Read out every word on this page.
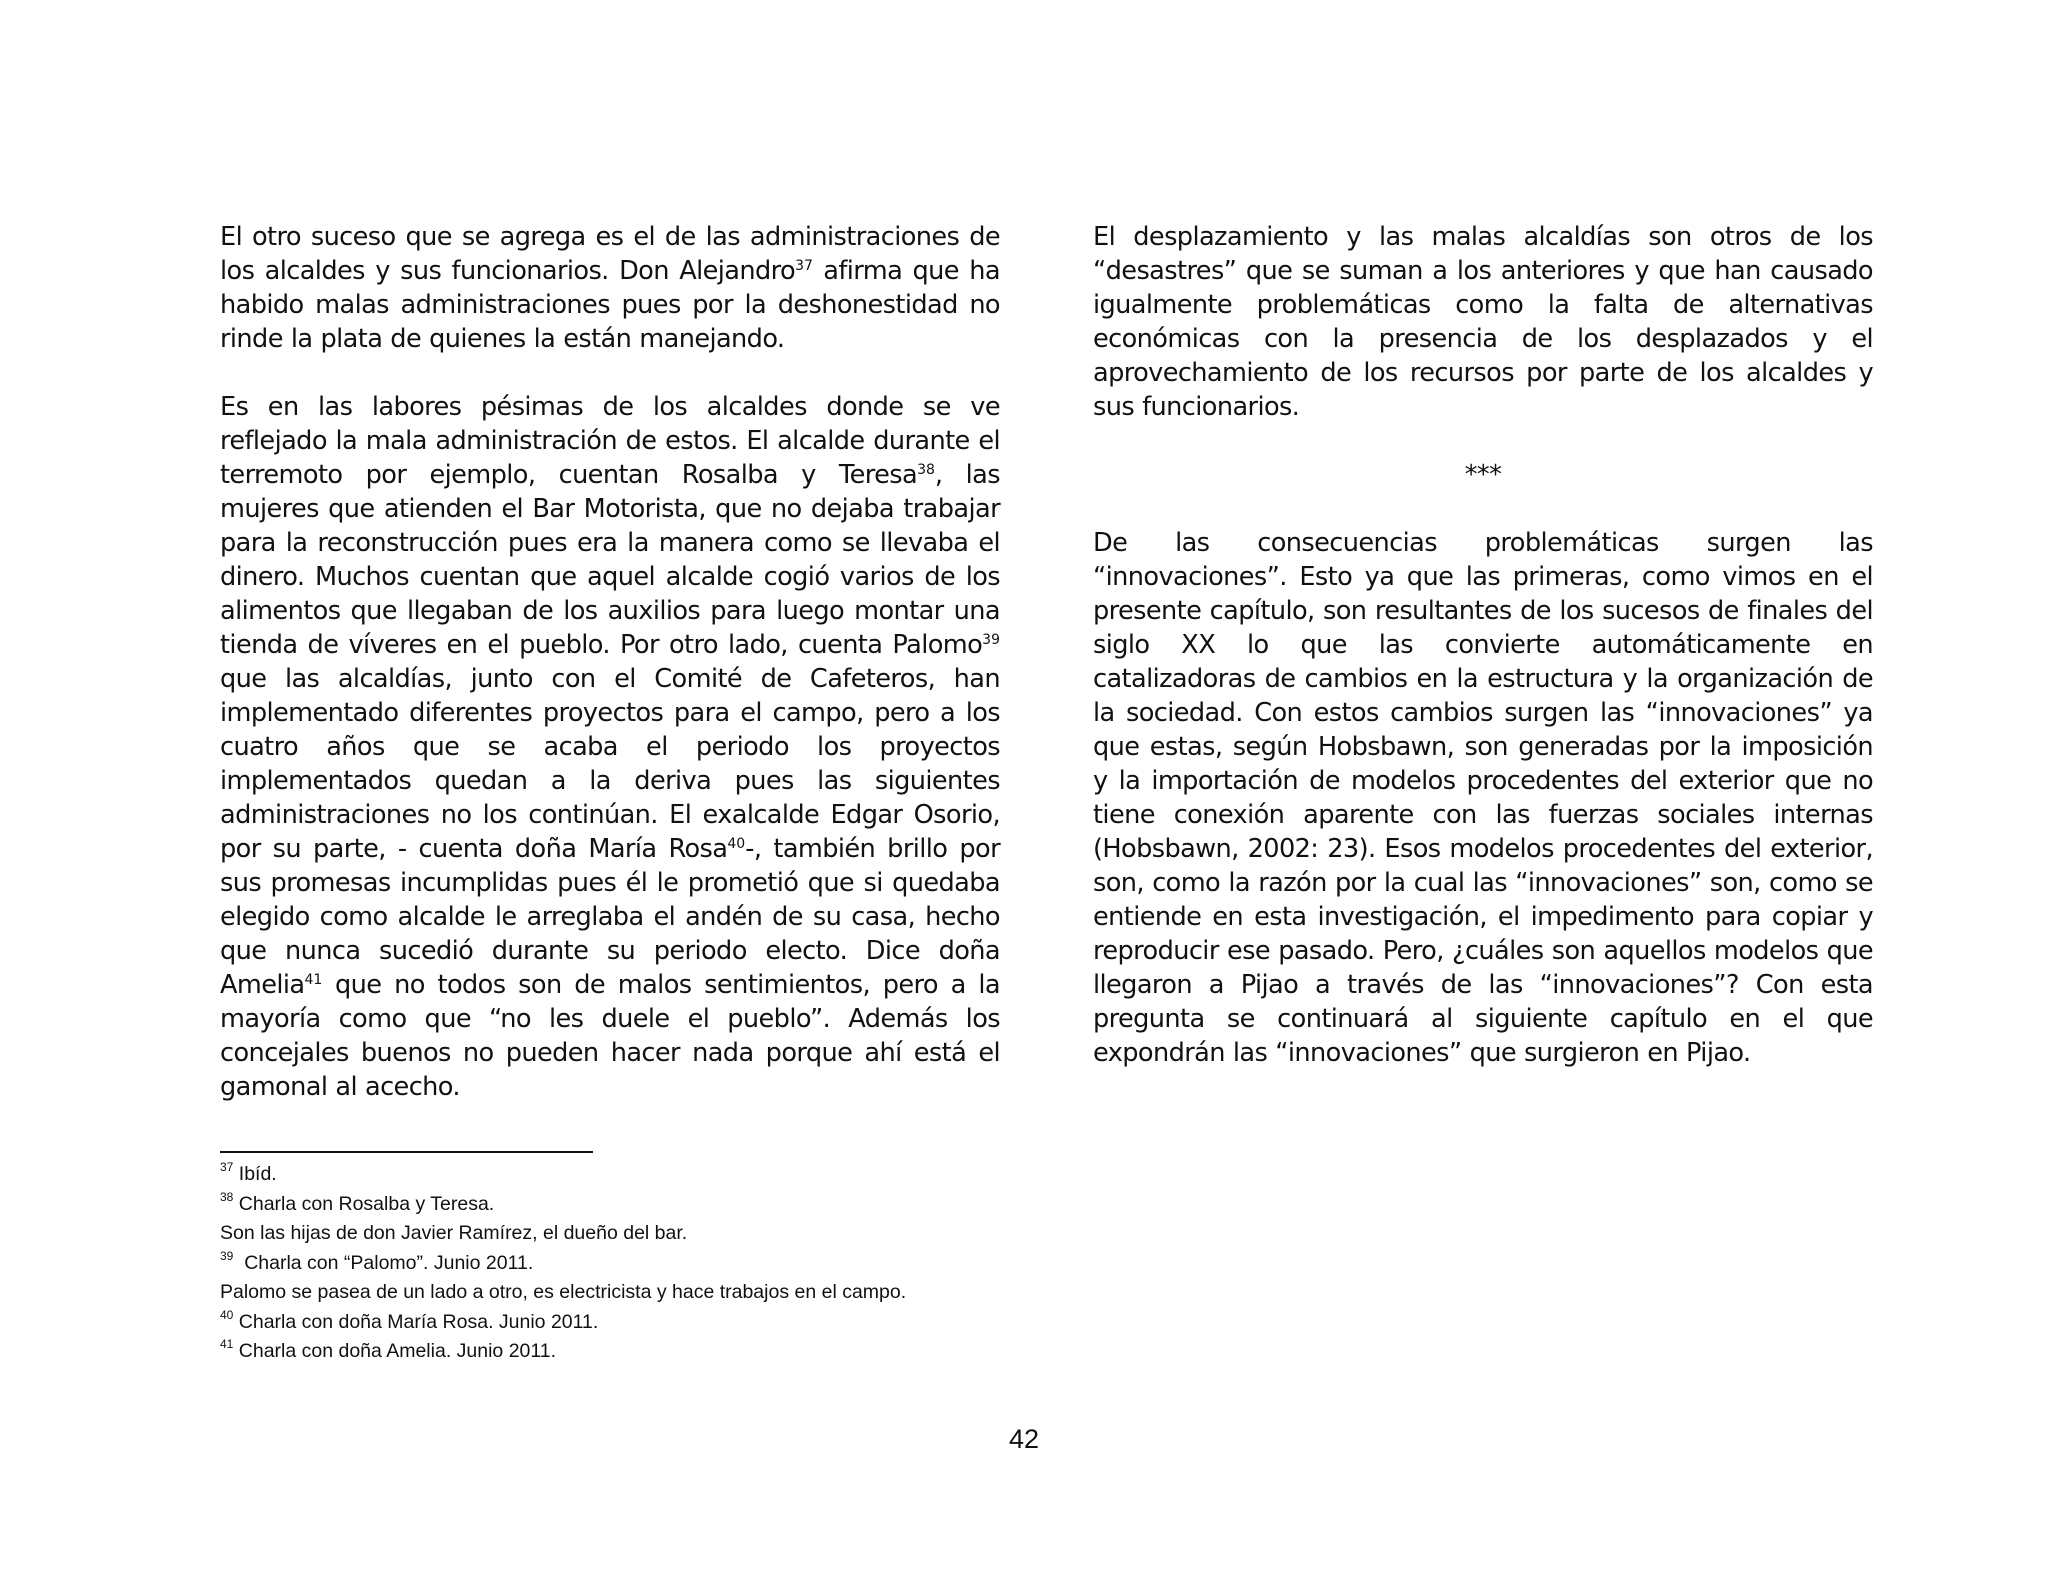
El otro suceso que se agrega es el de las administraciones de los alcaldes y sus funcionarios. Don Alejandro$^{37}$ afirma que ha habido malas administraciones pues por la deshonestidad no rinde la plata de quienes la están manejando.

Es en las labores pésimas de los alcaldes donde se ve reflejado la mala administración de estos. El alcalde durante el terremoto por ejemplo, cuentan Rosalba y Teresa$^{38}$, las mujeres que atienden el Bar Motorista, que no dejaba trabajar para la reconstrucción pues era la manera como se llevaba el dinero. Muchos cuentan que aquel alcalde cogió varios de los alimentos que llegaban de los auxilios para luego montar una tienda de víveres en el pueblo. Por otro lado, cuenta Palomo$^{39}$ que las alcaldías, junto con el Comité de Cafeteros, han implementado diferentes proyectos para el campo, pero a los cuatro años que se acaba el periodo los proyectos implementados quedan a la deriva pues las siguientes administraciones no los continúan. El exalcalde Edgar Osorio, por su parte, - cuenta doña María Rosa$^{40}$-, también brillo por sus promesas incumplidas pues él le prometió que si quedaba elegido como alcalde le arreglaba el andén de su casa, hecho que nunca sucedió durante su periodo electo. Dice doña Amelia$^{41}$ que no todos son de malos sentimientos, pero a la mayoría como que “no les duele el pueblo”. Además los concejales buenos no pueden hacer nada porque ahí está el gamonal al acecho.

El desplazamiento y las malas alcaldías son otros de los “desastres” que se suman a los anteriores y que han causado igualmente problemáticas como la falta de alternativas económicas con la presencia de los desplazados y el aprovechamiento de los recursos por parte de los alcaldes y sus funcionarios.

***

De las consecuencias problemáticas surgen las “innovaciones”. Esto ya que las primeras, como vimos en el presente capítulo, son resultantes de los sucesos de finales del siglo XX lo que las convierte automáticamente en catalizadoras de cambios en la estructura y la organización de la sociedad. Con estos cambios surgen las “innovaciones” ya que estas, según Hobsbawn, son generadas por la imposición y la importación de modelos procedentes del exterior que no tiene conexión aparente con las fuerzas sociales internas (Hobsbawn, 2002: 23). Esos modelos procedentes del exterior, son, como la razón por la cual las “innovaciones” son, como se entiende en esta investigación, el impedimento para copiar y reproducir ese pasado. Pero, ¿cuáles son aquellos modelos que llegaron a Pijao a través de las “innovaciones”? Con esta pregunta se continuará al siguiente capítulo en el que expondrán las “innovaciones” que surgieron en Pijao.

$^{37}$ Ibíd.
$^{38}$ Charla con Rosalba y Teresa.
Son las hijas de don Javier Ramírez, el dueño del bar.
$^{39}$  Charla con “Palomo”. Junio 2011.
Palomo se pasea de un lado a otro, es electricista y hace trabajos en el campo.
$^{40}$ Charla con doña María Rosa. Junio 2011.
$^{41}$ Charla con doña Amelia. Junio 2011.
42
